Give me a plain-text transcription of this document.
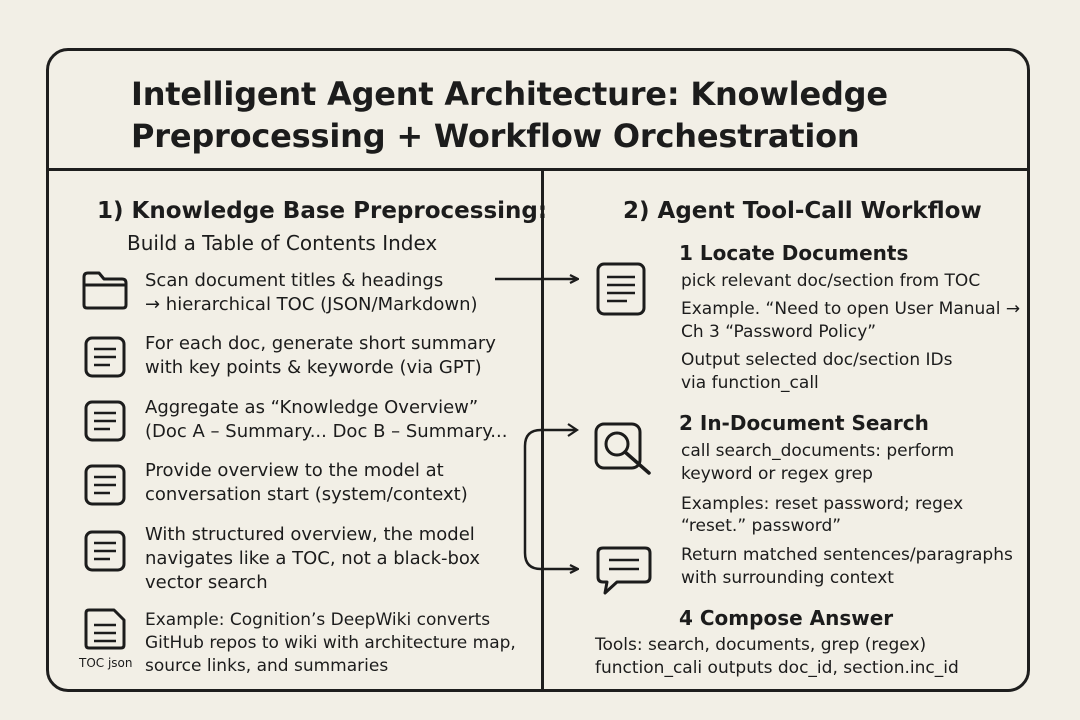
Intelligent Agent Architecture: Knowledge
Preprocessing + Workflow Orchestration
1) Knowledge Base Preprocessing:
Build a Table of Contents Index
Scan document titles & headings
→ hierarchical TOC (JSON/Markdown)
For each doc, generate short summary
with key points & keyworde (via GPT)
Aggregate as “Knowledge Overview”
(Doc A – Summary... Doc B – Summary...
Provide overview to the model at
conversation start (system/context)
With structured overview, the model
navigates like a TOC, not a black-box
vector search
TOC json
Example: Cognition’s DeepWiki converts
GitHub repos to wiki with architecture map,
source links, and summaries
2) Agent Tool-Call Workflow
1 Locate Documents
pick relevant doc/section from TOC
Example. “Need to open User Manual →
Ch 3 “Password Policy”
Output selected doc/section IDs
via function_call
2 In-Document Search
call search_documents: perform
keyword or regex grep
Examples: reset password; regex
“reset.” password”
Return matched sentences/paragraphs
with surrounding context
4 Compose Answer
Tools: search, documents, grep (regex)
function_cali outputs doc_id, section.inc_id
